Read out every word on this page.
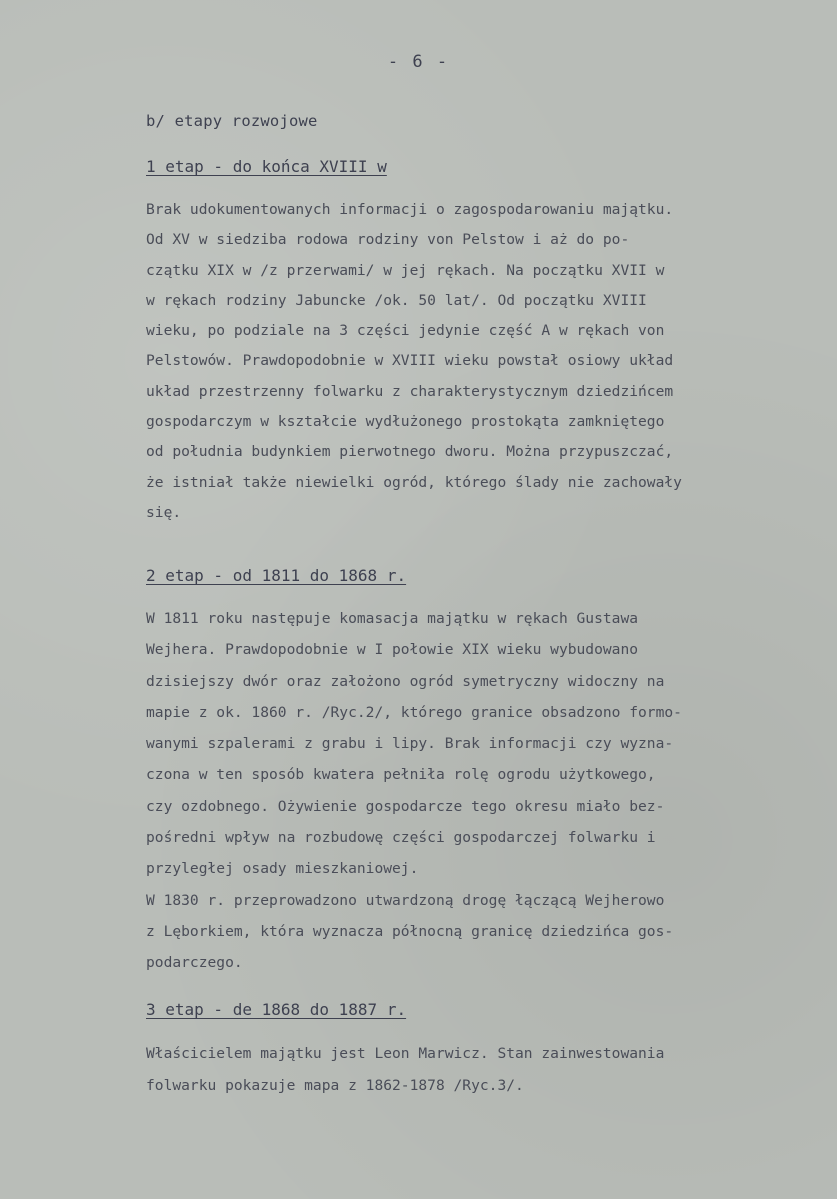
- 6 -
b/ etapy rozwojowe
1 etap - do końca XVIII w
Brak udokumentowanych informacji o zagospodarowaniu majątku.
Od XV w siedziba rodowa rodziny von Pelstow i aż do po-
czątku XIX w /z przerwami/ w jej rękach. Na początku XVII w
w rękach rodziny Jabuncke /ok. 50 lat/. Od początku XVIII
wieku, po podziale na 3 części jedynie część A w rękach von
Pelstowów. Prawdopodobnie w XVIII wieku powstał osiowy układ
układ przestrzenny folwarku z charakterystycznym dziedzińcem
gospodarczym w kształcie wydłużonego prostokąta zamkniętego
od południa budynkiem pierwotnego dworu. Można przypuszczać,
że istniał także niewielki ogród, którego ślady nie zachowały
się.
2 etap - od 1811 do 1868 r.
W 1811 roku następuje komasacja majątku w rękach Gustawa
Wejhera. Prawdopodobnie w I połowie XIX wieku wybudowano
dzisiejszy dwór oraz założono ogród symetryczny widoczny na
mapie z ok. 1860 r. /Ryc.2/, którego granice obsadzono formo-
wanymi szpalerami z grabu i lipy. Brak informacji czy wyzna-
czona w ten sposób kwatera pełniła rolę ogrodu użytkowego,
czy ozdobnego. Ożywienie gospodarcze tego okresu miało bez-
pośredni wpływ na rozbudowę części gospodarczej folwarku i
przyległej osady mieszkaniowej.
W 1830 r. przeprowadzono utwardzoną drogę łączącą Wejherowo
z Lęborkiem, która wyznacza północną granicę dziedzińca gos-
podarczego.
3 etap - de 1868 do 1887 r.
Właścicielem majątku jest Leon Marwicz. Stan zainwestowania
folwarku pokazuje mapa z 1862-1878 /Ryc.3/.
